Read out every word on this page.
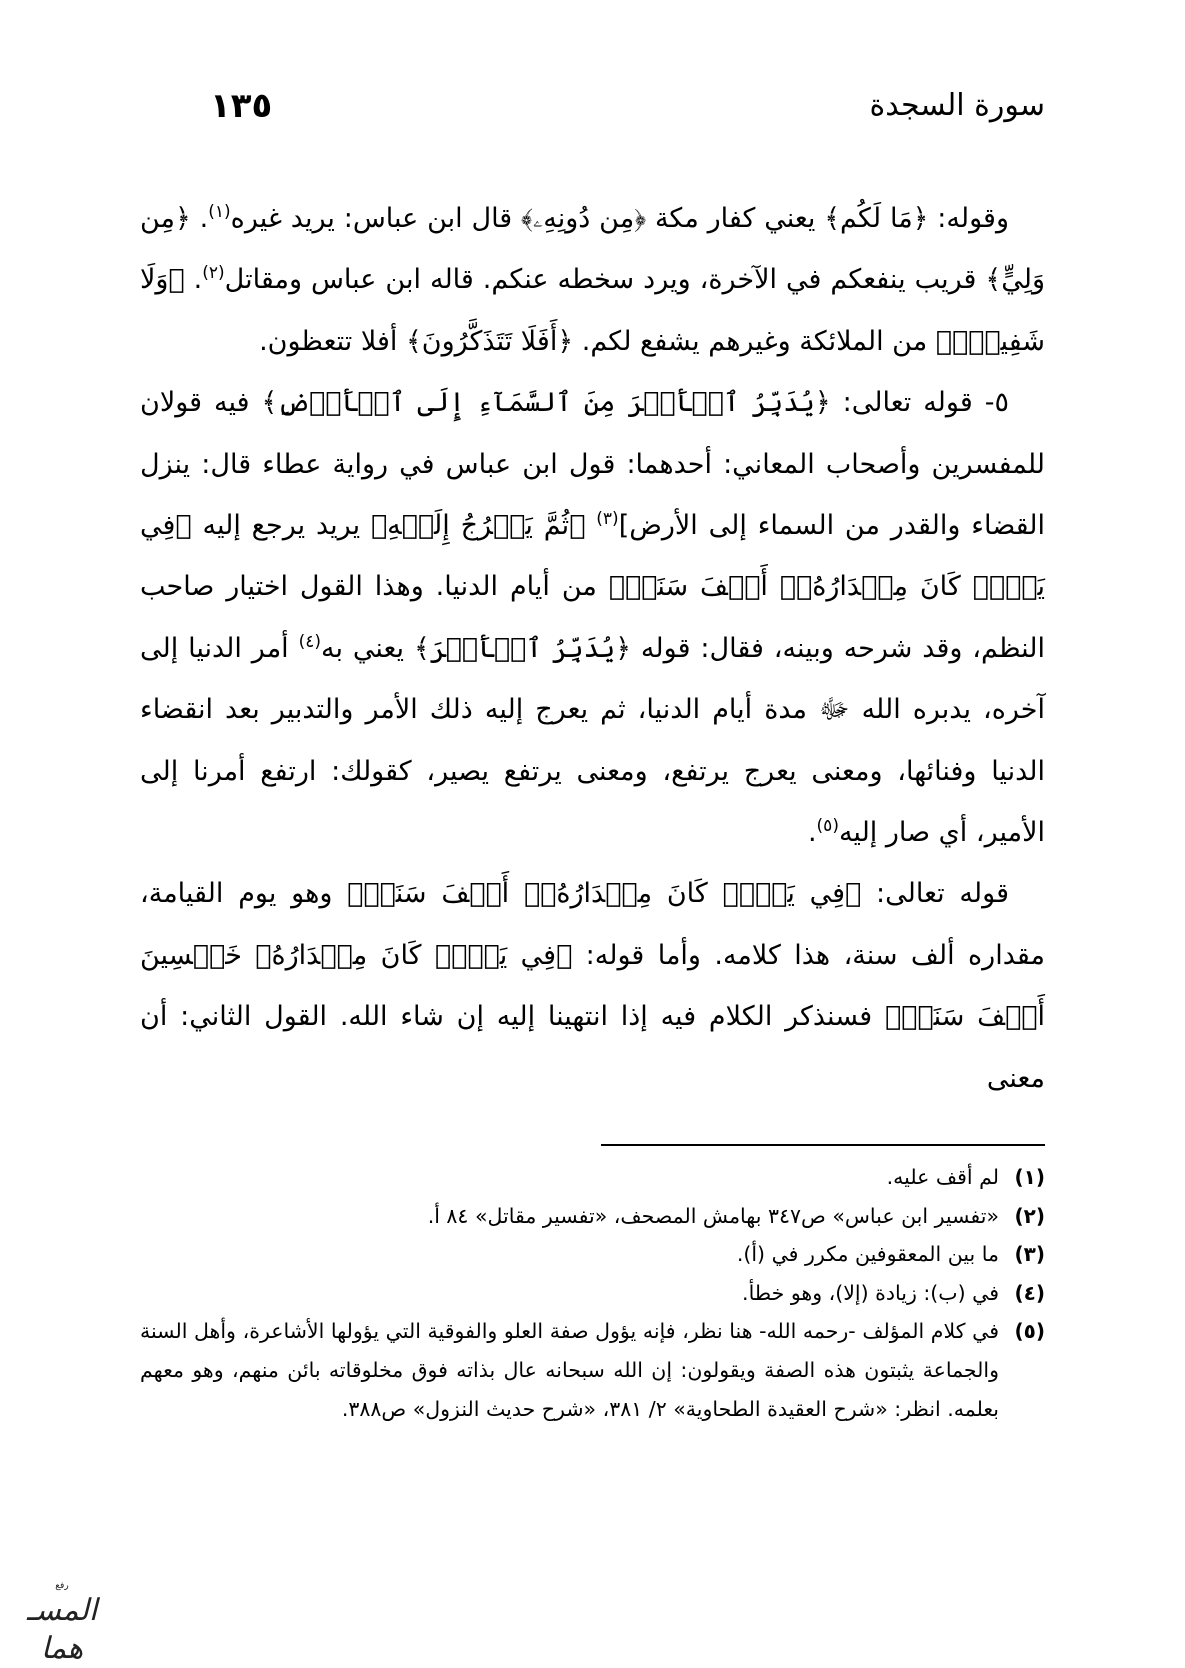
سورة السجدة
١٣٥

وقوله: ﴿مَا لَكُم﴾ يعني كفار مكة ﴿مِن دُونِهِۦ﴾ قال ابن عباس: يريد غيره$^{(١)}$. ﴿مِن وَلِيٍّ﴾ قريب ينفعكم في الآخرة، ويرد سخطه عنكم. قاله ابن عباس ومقاتل$^{(٢)}$. ﴿وَلَا شَفِيعٍۚ﴾ من الملائكة وغيرهم يشفع لكم. ﴿أَفَلَا تَتَذَكَّرُونَ﴾ أفلا تتعظون.

٥- قوله تعالى: ﴿يُدَبِّرُ ٱلۡأَمۡرَ مِنَ ٱلسَّمَآءِ إِلَى ٱلۡأَرۡضِ﴾ فيه قولان للمفسرين وأصحاب المعاني: أحدهما: قول ابن عباس في رواية عطاء قال: ينزل القضاء والقدر من السماء إلى الأرض]$^{(٣)}$ ﴿ثُمَّ يَعۡرُجُ إِلَيۡهِ﴾ يريد يرجع إليه ﴿فِي يَوۡمٖ كَانَ مِقۡدَارُهُۥٓ أَلۡفَ سَنَةٖ﴾ من أيام الدنيا. وهذا القول اختيار صاحب النظم، وقد شرحه وبينه، فقال: قوله ﴿يُدَبِّرُ ٱلۡأَمۡرَ﴾ يعني به$^{(٤)}$ أمر الدنيا إلى آخره، يدبره الله ﷻ مدة أيام الدنيا، ثم يعرج إليه ذلك الأمر والتدبير بعد انقضاء الدنيا وفنائها، ومعنى يعرج يرتفع، ومعنى يرتفع يصير، كقولك: ارتفع أمرنا إلى الأمير، أي صار إليه$^{(٥)}$.

قوله تعالى: ﴿فِي يَوۡمٖ كَانَ مِقۡدَارُهُۥٓ أَلۡفَ سَنَةٖ﴾ وهو يوم القيامة، مقداره ألف سنة، هذا كلامه. وأما قوله: ﴿فِي يَوۡمٖ كَانَ مِقۡدَارُهُۥ خَمۡسِينَ أَلۡفَ سَنَةٖ﴾ فسنذكر الكلام فيه إذا انتهينا إليه إن شاء الله. القول الثاني: أن معنى

(١)
لم أقف عليه.
(٢)
«تفسير ابن عباس» ص٣٤٧ بهامش المصحف، «تفسير مقاتل» ٨٤ أ.
(٣)
ما بين المعقوفين مكرر في (أ).
(٤)
في (ب): زيادة (إلا)، وهو خطأ.
(٥)
في كلام المؤلف -رحمه الله- هنا نظر، فإنه يؤول صفة العلو والفوقية التي يؤولها الأشاعرة، وأهل السنة والجماعة يثبتون هذه الصفة ويقولون: إن الله سبحانه عال بذاته فوق مخلوقاته بائن منهم، وهو معهم بعلمه. انظر: «شرح العقيدة الطحاوية» ٢/ ٣٨١، «شرح حديث النزول» ص٣٨٨.
رفع
المسـ هما
